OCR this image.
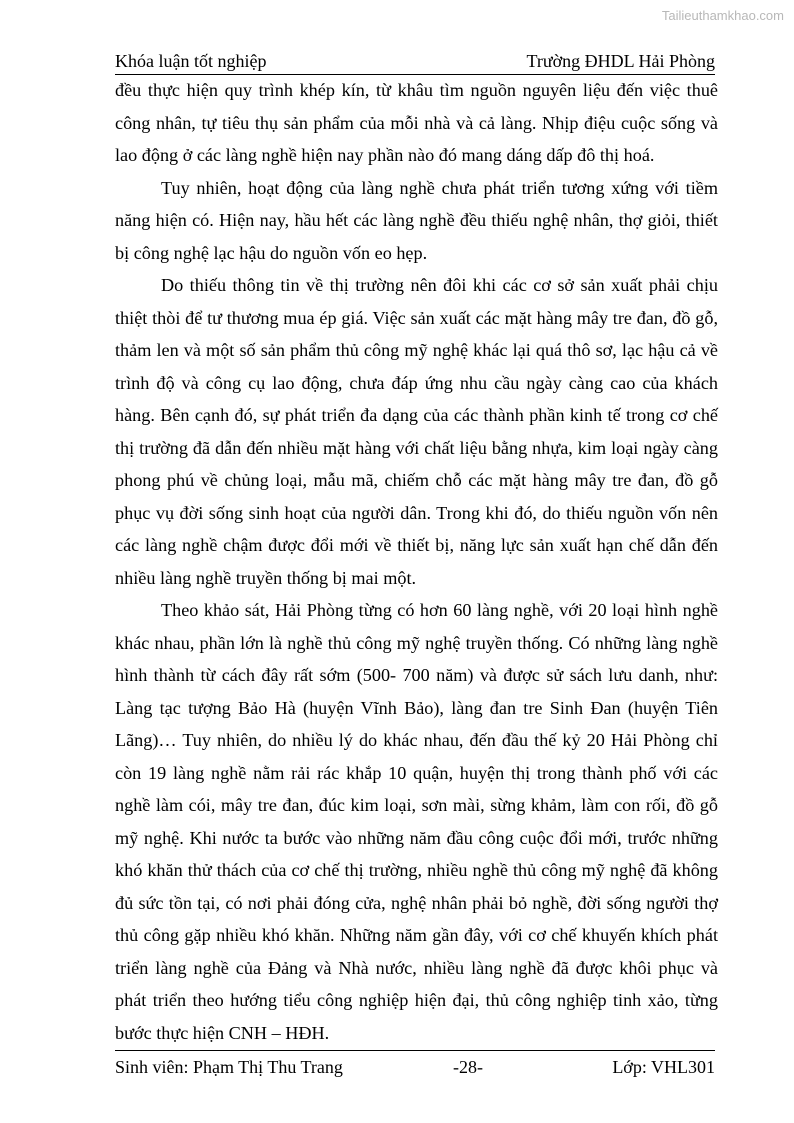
Tailieuthamkhao.com
Khóa luận tốt nghiệp	Trường ĐHDL Hải Phòng

đều thực hiện quy trình khép kín, từ khâu tìm nguồn nguyên liệu đến việc thuê công nhân, tự tiêu thụ sản phẩm của mỗi nhà và cả làng. Nhịp điệu cuộc sống và lao động ở các làng nghề hiện nay phần nào đó mang dáng dấp đô thị hoá.

Tuy nhiên, hoạt động của làng nghề chưa phát triển tương xứng với tiềm năng hiện có. Hiện nay, hầu hết các làng nghề đều thiếu nghệ nhân, thợ giỏi, thiết bị công nghệ lạc hậu do nguồn vốn eo hẹp.

Do thiếu thông tin về thị trường nên đôi khi các cơ sở sản xuất phải chịu thiệt thòi để tư thương mua ép giá. Việc sản xuất các mặt hàng mây tre đan, đồ gỗ, thảm len và một số sản phẩm thủ công mỹ nghệ khác lại quá thô sơ, lạc hậu cả về trình độ và công cụ lao động, chưa đáp ứng nhu cầu ngày càng cao của khách hàng. Bên cạnh đó, sự phát triển đa dạng của các thành phần kinh tế trong cơ chế thị trường đã dẫn đến nhiều mặt hàng với chất liệu bằng nhựa, kim loại ngày càng phong phú về chủng loại, mẫu mã, chiếm chỗ các mặt hàng mây tre đan, đồ gỗ phục vụ đời sống sinh hoạt của người dân. Trong khi đó, do thiếu nguồn vốn nên các làng nghề chậm được đổi mới về thiết bị, năng lực sản xuất hạn chế dẫn đến nhiều làng nghề truyền thống bị mai một.

Theo khảo sát, Hải Phòng từng có hơn 60 làng nghề, với 20 loại hình nghề khác nhau, phần lớn là nghề thủ công mỹ nghệ truyền thống. Có những làng nghề hình thành từ cách đây rất sớm (500- 700 năm) và được sử sách lưu danh, như: Làng tạc tượng Bảo Hà (huyện Vĩnh Bảo), làng đan tre Sinh Đan (huyện Tiên Lãng)… Tuy nhiên, do nhiều lý do khác nhau, đến đầu thế kỷ 20 Hải Phòng chỉ còn 19 làng nghề nằm rải rác khắp 10 quận, huyện thị trong thành phố với các nghề làm cói, mây tre đan, đúc kim loại, sơn mài, sừng khảm, làm con rối, đồ gỗ mỹ nghệ. Khi nước ta bước vào những năm đầu công cuộc đổi mới, trước những khó khăn thử thách của cơ chế thị trường, nhiều nghề thủ công mỹ nghệ đã không đủ sức tồn tại, có nơi phải đóng cửa, nghệ nhân phải bỏ nghề, đời sống người thợ thủ công gặp nhiều khó khăn. Những năm gần đây, với cơ chế khuyến khích phát triển làng nghề của Đảng và Nhà nước, nhiều làng nghề đã được khôi phục và phát triển theo hướng tiểu công nghiệp hiện đại, thủ công nghiệp tinh xảo, từng bước thực hiện CNH – HĐH.

Sinh viên: Phạm Thị Thu Trang	-28-	Lớp: VHL301
